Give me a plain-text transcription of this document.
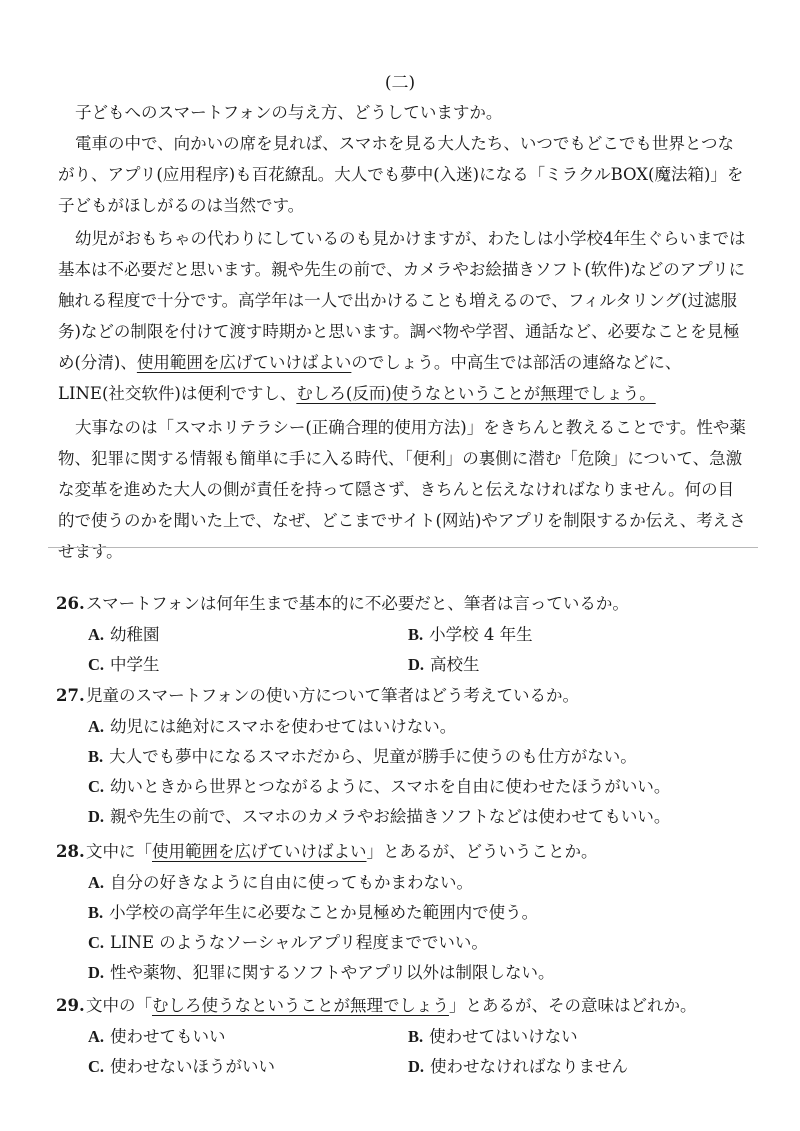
(二)

子どもへのスマートフォンの与え方、どうしていますか。

電車の中で、向かいの席を見れば、スマホを見る大人たち、いつでもどこでも世界とつながり、アプリ(应用程序)も百花繚乱。大人でも夢中(入迷)になる「ミラクルBOX(魔法箱)」を子どもがほしがるのは当然です。

幼児がおもちゃの代わりにしているのも見かけますが、わたしは小学校4年生ぐらいまでは基本は不必要だと思います。親や先生の前で、カメラやお絵描きソフト(软件)などのアプリに触れる程度で十分です。高学年は一人で出かけることも増えるので、フィルタリング(过滤服务)などの制限を付けて渡す時期かと思います。調べ物や学習、通話など、必要なことを見極め(分清)、使用範囲を広げていけばよいのでしょう。中高生では部活の連絡などに、LINE(社交软件)は便利ですし、むしろ(反而)使うなということが無理でしょう。

大事なのは「スマホリテラシー(正确合理的使用方法)」をきちんと教えることです。性や薬物、犯罪に関する情報も簡単に手に入る時代、「便利」の裏側に潜む「危険」について、急激な変革を進めた大人の側が責任を持って隠さず、きちんと伝えなければなりません。何の目的で使うのかを聞いた上で、なぜ、どこまでサイト(网站)やアプリを制限するか伝え、考えさせます。

26.スマートフォンは何年生まで基本的に不必要だと、筆者は言っているか。
A. 幼稚園	B. 小学校 4 年生
C. 中学生	D. 高校生
27.児童のスマートフォンの使い方について筆者はどう考えているか。
A. 幼児には絶対にスマホを使わせてはいけない。
B. 大人でも夢中になるスマホだから、児童が勝手に使うのも仕方がない。
C. 幼いときから世界とつながるように、スマホを自由に使わせたほうがいい。
D. 親や先生の前で、スマホのカメラやお絵描きソフトなどは使わせてもいい。
28.文中に「使用範囲を広げていけばよい」とあるが、どういうことか。
A. 自分の好きなように自由に使ってもかまわない。
B. 小学校の高学年生に必要なことか見極めた範囲内で使う。
C. LINE のようなソーシャルアプリ程度まででいい。
D. 性や薬物、犯罪に関するソフトやアプリ以外は制限しない。
29.文中の「むしろ使うなということが無理でしょう」とあるが、その意味はどれか。
A. 使わせてもいい	B. 使わせてはいけない
C. 使わせないほうがいい	D. 使わせなければなりません
